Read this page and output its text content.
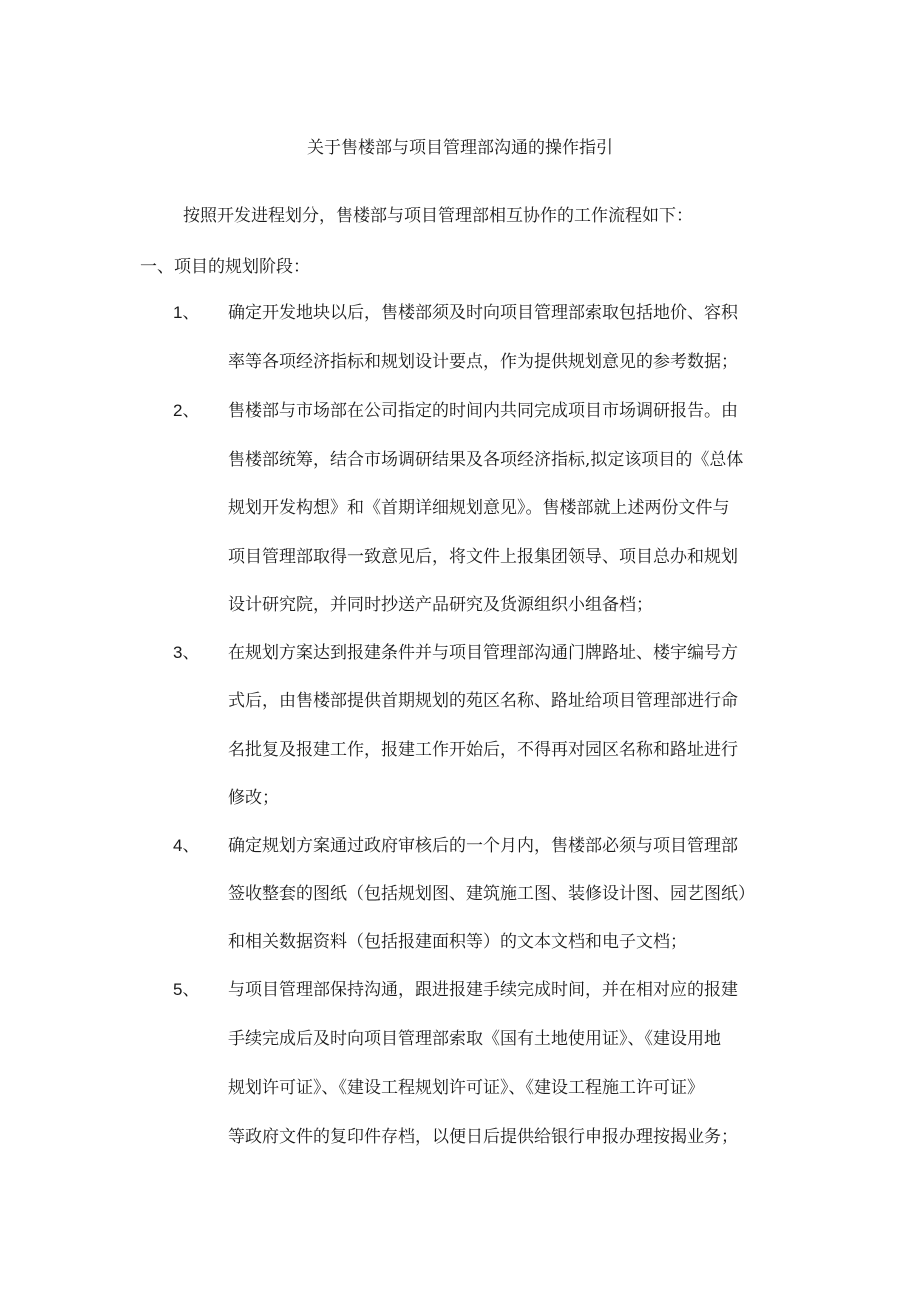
关于售楼部与项目管理部沟通的操作指引
按照开发进程划分，售楼部与项目管理部相互协作的工作流程如下：
一、项目的规划阶段：
1、 确定开发地块以后，售楼部须及时向项目管理部索取包括地价、容积
率等各项经济指标和规划设计要点，作为提供规划意见的参考数据；
2、 售楼部与市场部在公司指定的时间内共同完成项目市场调研报告。由
售楼部统筹，结合市场调研结果及各项经济指标,拟定该项目的《总体
规划开发构想》和《首期详细规划意见》。售楼部就上述两份文件与
项目管理部取得一致意见后，将文件上报集团领导、项目总办和规划
设计研究院，并同时抄送产品研究及货源组织小组备档；
3、 在规划方案达到报建条件并与项目管理部沟通门牌路址、楼宇编号方
式后，由售楼部提供首期规划的苑区名称、路址给项目管理部进行命
名批复及报建工作，报建工作开始后，不得再对园区名称和路址进行
修改；
4、 确定规划方案通过政府审核后的一个月内，售楼部必须与项目管理部
签收整套的图纸（包括规划图、建筑施工图、装修设计图、园艺图纸）
和相关数据资料（包括报建面积等）的文本文档和电子文档；
5、 与项目管理部保持沟通，跟进报建手续完成时间，并在相对应的报建
手续完成后及时向项目管理部索取《国有土地使用证》、《建设用地
规划许可证》、《建设工程规划许可证》、《建设工程施工许可证》
等政府文件的复印件存档，以便日后提供给银行申报办理按揭业务；
